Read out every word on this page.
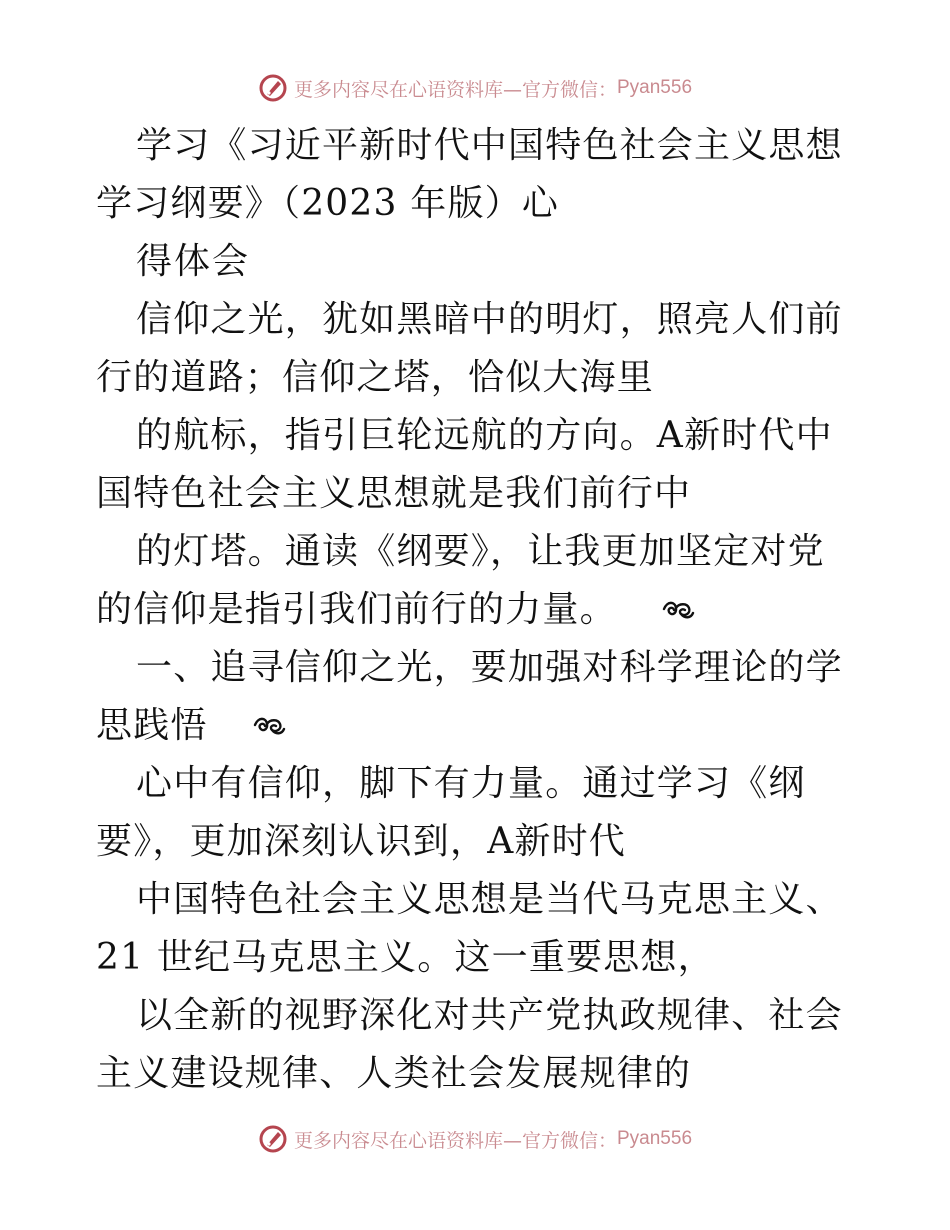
更多内容尽在心语资料库—官方微信： Pyan556

学习《习近平新时代中国特色社会主义思想学习纲要》（2023 年版）心

得体会

信仰之光，犹如黑暗中的明灯，照亮人们前行的道路；信仰之塔，恰似大海里

的航标，指引巨轮远航的方向。A新时代中国特色社会主义思想就是我们前行中

的灯塔。通读《纲要》，让我更加坚定对党的信仰是指引我们前行的力量。

一、追寻信仰之光，要加强对科学理论的学思践悟

心中有信仰，脚下有力量。通过学习《纲要》，更加深刻认识到，A新时代

中国特色社会主义思想是当代马克思主义、21 世纪马克思主义。这一重要思想，

以全新的视野深化对共产党执政规律、社会主义建设规律、人类社会发展规律的

更多内容尽在心语资料库—官方微信： Pyan556
